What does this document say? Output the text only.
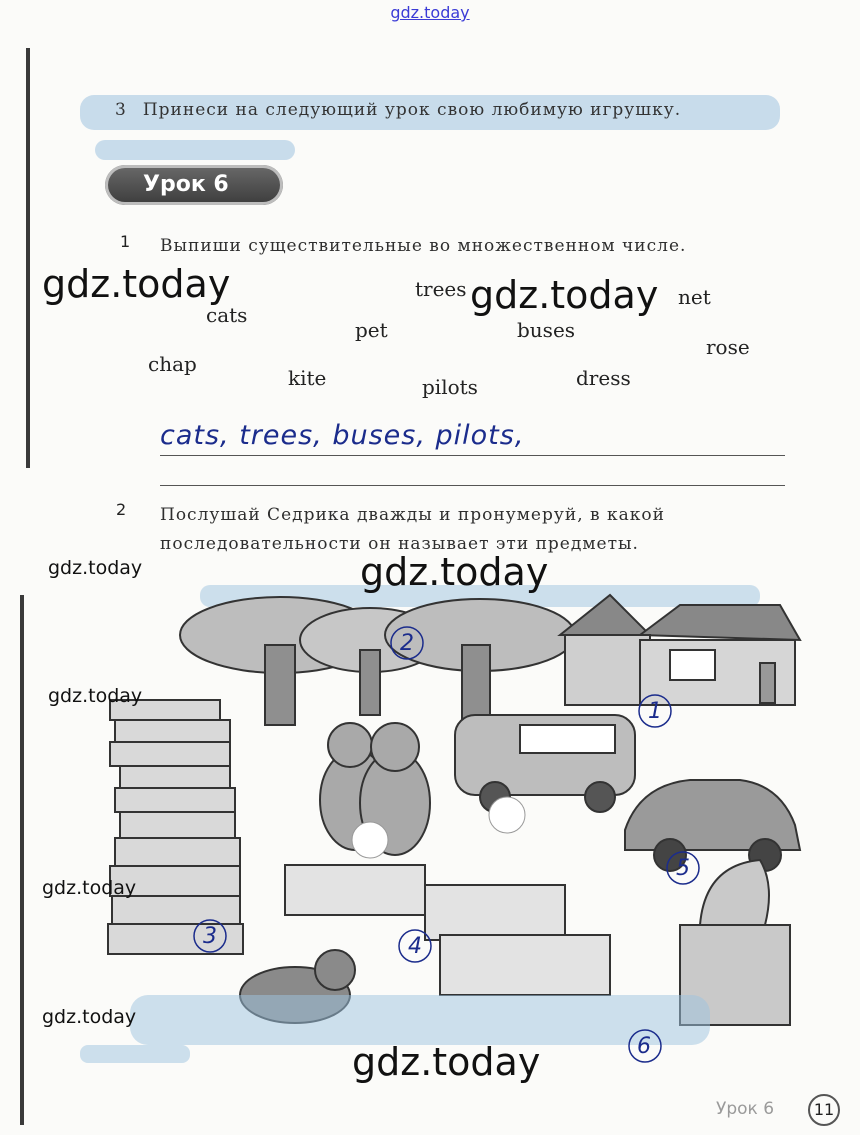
gdz.today
3 Принеси на следующий урок свою любимую игрушку.
Урок 6
1 Выпиши существительные во множественном числе.
trees	net
cats
pet	buses
rose
chap
kite	pilots	dress
cats, trees, buses, pilots,
2 Послушай Седрика дважды и пронумеруй, в какой
последовательности он называет эти предметы.
2
1
3	4
5
6
gdz.today	gdz.today
gdz.today
gdz.today
gdz.today
gdz.today
gdz.today
gdz.today
Урок 6	11
